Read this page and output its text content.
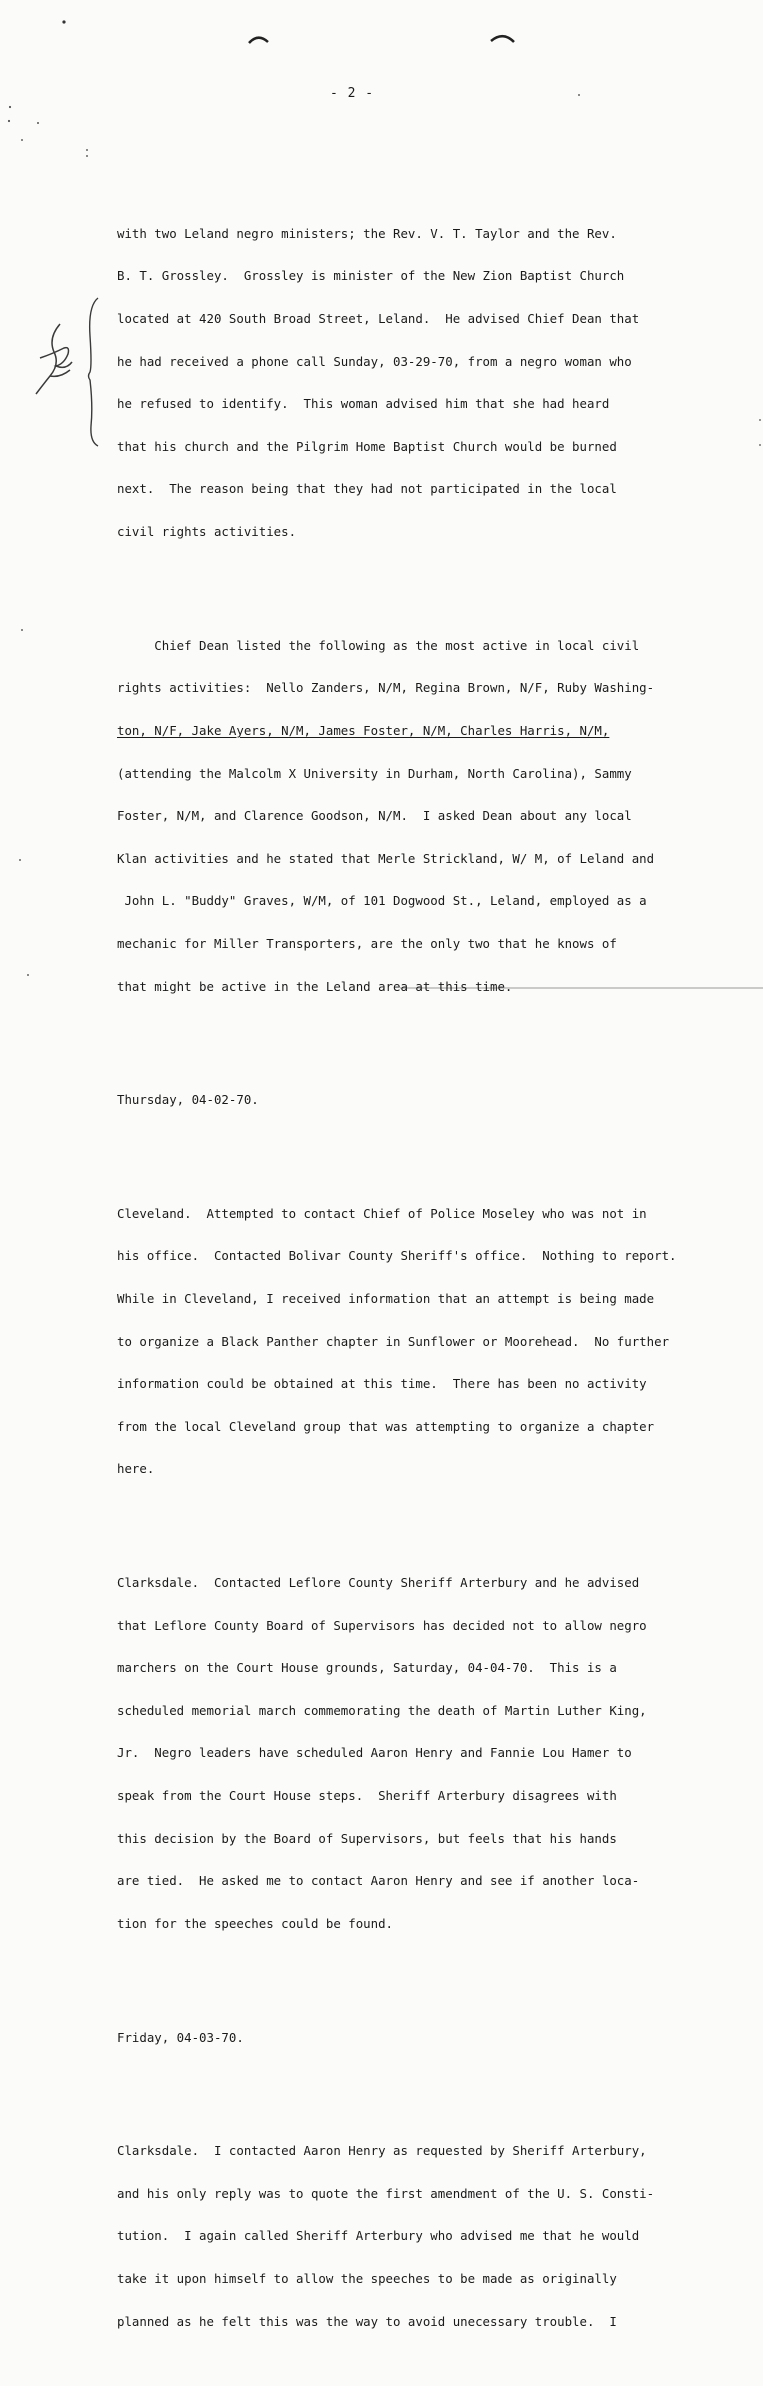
- 2 -

with two Leland negro ministers; the Rev. V. T. Taylor and the Rev.

B. T. Grossley.  Grossley is minister of the New Zion Baptist Church

located at 420 South Broad Street, Leland.  He advised Chief Dean that

he had received a phone call Sunday, 03-29-70, from a negro woman who

he refused to identify.  This woman advised him that she had heard

that his church and the Pilgrim Home Baptist Church would be burned

next.  The reason being that they had not participated in the local

civil rights activities.

Chief Dean listed the following as the most active in local civil

rights activities:  Nello Zanders, N/M, Regina Brown, N/F, Ruby Washing-

ton, N/F, Jake Ayers, N/M, James Foster, N/M, Charles Harris, N/M,

(attending the Malcolm X University in Durham, North Carolina), Sammy

Foster, N/M, and Clarence Goodson, N/M.  I asked Dean about any local

Klan activities and he stated that Merle Strickland, W/ M, of Leland and

John L. "Buddy" Graves, W/M, of 101 Dogwood St., Leland, employed as a

mechanic for Miller Transporters, are the only two that he knows of

that might be active in the Leland area at this time.

Thursday, 04-02-70.

Cleveland.  Attempted to contact Chief of Police Moseley who was not in

his office.  Contacted Bolivar County Sheriff's office.  Nothing to report.

While in Cleveland, I received information that an attempt is being made

to organize a Black Panther chapter in Sunflower or Moorehead.  No further

information could be obtained at this time.  There has been no activity

from the local Cleveland group that was attempting to organize a chapter

here.

Clarksdale.  Contacted Leflore County Sheriff Arterbury and he advised

that Leflore County Board of Supervisors has decided not to allow negro

marchers on the Court House grounds, Saturday, 04-04-70.  This is a

scheduled memorial march commemorating the death of Martin Luther King,

Jr.  Negro leaders have scheduled Aaron Henry and Fannie Lou Hamer to

speak from the Court House steps.  Sheriff Arterbury disagrees with

this decision by the Board of Supervisors, but feels that his hands

are tied.  He asked me to contact Aaron Henry and see if another loca-

tion for the speeches could be found.

Friday, 04-03-70.

Clarksdale.  I contacted Aaron Henry as requested by Sheriff Arterbury,

and his only reply was to quote the first amendment of the U. S. Consti-

tution.  I again called Sheriff Arterbury who advised me that he would

take it upon himself to allow the speeches to be made as originally

planned as he felt this was the way to avoid unecessary trouble.  I
